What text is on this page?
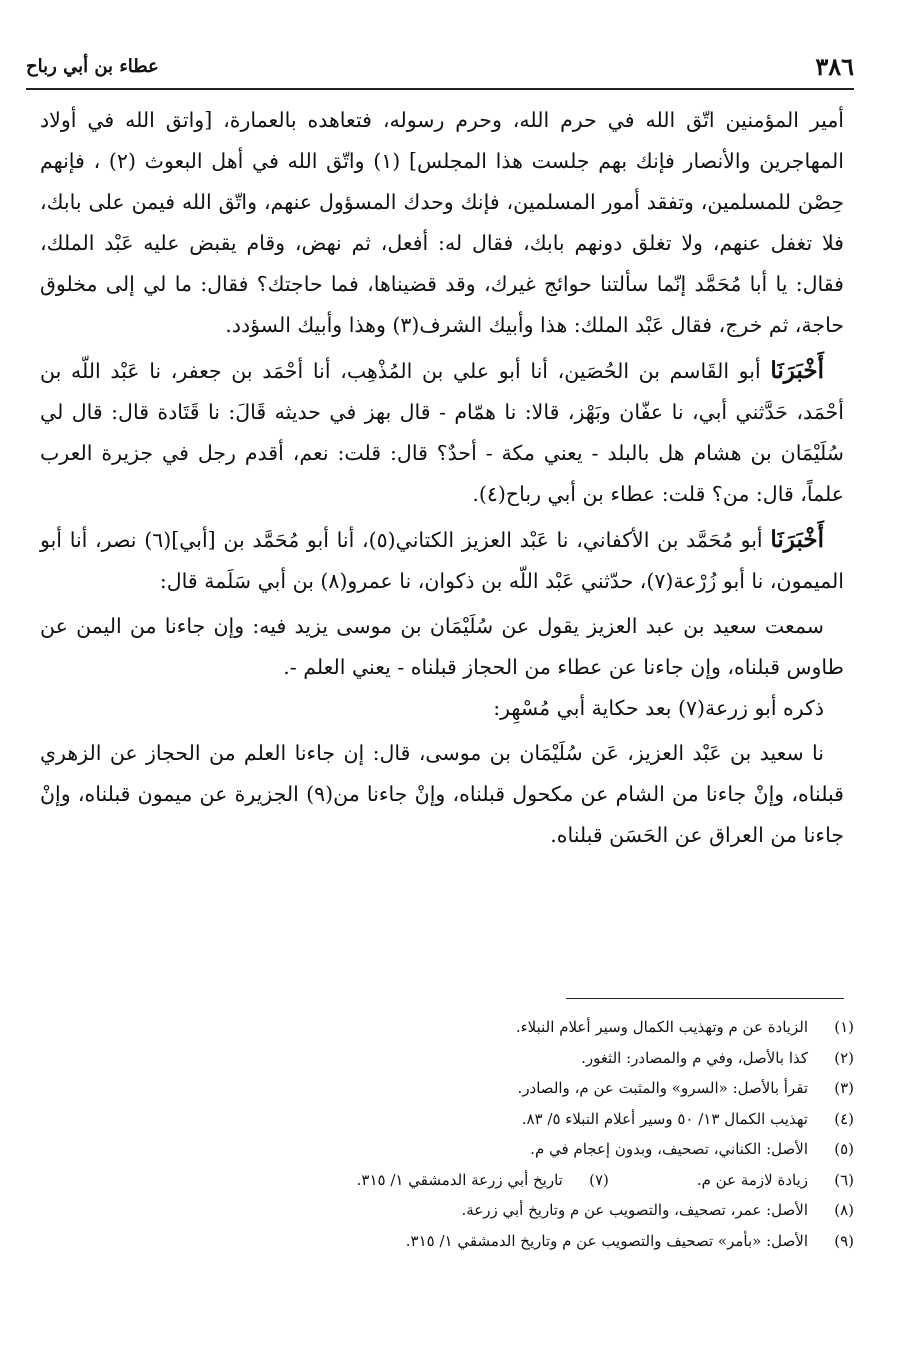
عطاء بن أبي رباح	٣٨٦

أمير المؤمنين اتّق الله في حرم الله، وحرم رسوله، فتعاهده بالعمارة، [واتق الله في أولاد المهاجرين والأنصار فإنك بهم جلست هذا المجلس] (١) واتّق الله في أهل البعوث (٢) ، فإنهم حِصْن للمسلمين، وتفقد أمور المسلمين، فإنك وحدك المسؤول عنهم، واتّق الله فيمن على بابك، فلا تغفل عنهم، ولا تغلق دونهم بابك، فقال له: أفعل، ثم نهض، وقام يقبض عليه عَبْد الملك، فقال: يا أبا مُحَمَّد إنّما سألتنا حوائج غيرك، وقد قضيناها، فما حاجتك؟ فقال: ما لي إلى مخلوق حاجة، ثم خرج، فقال عَبْد الملك: هذا وأبيك الشرف(٣) وهذا وأبيك السؤدد.

أَخْبَرَنَا أبو القَاسم بن الحُصَين، أنا أبو علي بن المُذْهِب، أنا أحْمَد بن جعفر، نا عَبْد اللّه بن أحْمَد، حَدَّثني أبي، نا عفّان وبَهْز، قالا: نا همّام - قال بهز في حديثه قَالَ: نا قَتَادة قال: قال لي سُلَيْمَان بن هشام هل بالبلد - يعني مكة - أحدٌ؟ قال: قلت: نعم، أقدم رجل في جزيرة العرب علماً، قال: من؟ قلت: عطاء بن أبي رباح(٤).

أَخْبَرَنَا أبو مُحَمَّد بن الأكفاني، نا عَبْد العزيز الكتاني(٥)، أنا أبو مُحَمَّد بن [أبي](٦) نصر، أنا أبو الميمون، نا أبو زُرْعة(٧)، حدّثني عَبْد اللّه بن ذكوان، نا عمرو(٨) بن أبي سَلَمة قال:

سمعت سعيد بن عبد العزيز يقول عن سُلَيْمَان بن موسى يزيد فيه: وإن جاءنا من اليمن عن طاوس قبلناه، وإن جاءنا عن عطاء من الحجاز قبلناه - يعني العلم -.

ذكره أبو زرعة(٧) بعد حكاية أبي مُسْهِر:

نا سعيد بن عَبْد العزيز، عَن سُلَيْمَان بن موسى، قال: إن جاءنا العلم من الحجاز عن الزهري قبلناه، وإنْ جاءنا من الشام عن مكحول قبلناه، وإنْ جاءنا من(٩) الجزيرة عن ميمون قبلناه، وإنْ جاءنا من العراق عن الحَسَن قبلناه.

(١)
الزيادة عن م وتهذيب الكمال وسير أعلام النبلاء.
(٢)
كذا بالأصل، وفي م والمصادر: الثغور.
(٣)
تقرأ بالأصل: «السرو» والمثبت عن م، والصادر.
(٤)
تهذيب الكمال ١٣/ ٥٠ وسير أعلام النبلاء ٥/ ٨٣.
(٥)
الأصل: الكناني، تصحيف، وبدون إعجام في م.
(٦)
زيادة لازمة عن م.
(٧)
تاريخ أبي زرعة الدمشقي ١/ ٣١٥.
(٨)
الأصل: عمر، تصحيف، والتصويب عن م وتاريخ أبي زرعة.
(٩)
الأصل: «بأمر» تصحيف والتصويب عن م وتاريخ الدمشقي ١/ ٣١٥.
